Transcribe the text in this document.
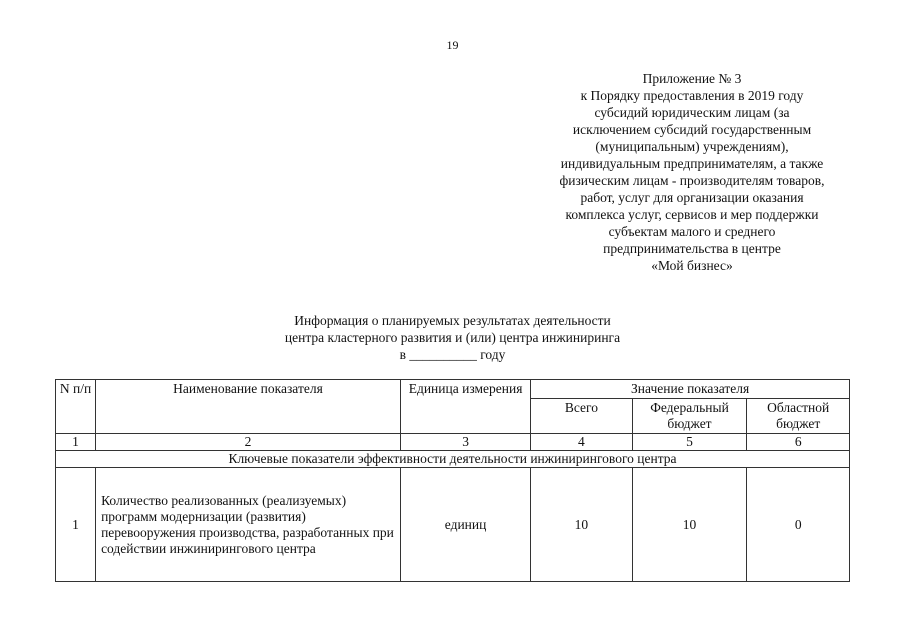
19
Приложение № 3
к Порядку предоставления в 2019 году
субсидий юридическим лицам (за
исключением субсидий государственным
(муниципальным) учреждениям),
индивидуальным предпринимателям, а также
физическим лицам - производителям товаров,
работ, услуг для организации оказания
комплекса услуг, сервисов и мер поддержки
субъектам малого и среднего
предпринимательства в центре
«Мой бизнес»
Информация о планируемых результатах деятельности
центра кластерного развития и (или) центра инжиниринга
в __________ году
N п/п	Наименование показателя	Единица измерения	Значение показателя		
			Всего	Федеральный бюджет	Областной бюджет
1	2	3	4	5	6
Ключевые показатели эффективности деятельности инжинирингового центра					
1	Количество реализованных (реализуемых) программ модернизации (развития) перевооружения производства, разработанных при содействии инжинирингового центра	единиц	10	10	0
